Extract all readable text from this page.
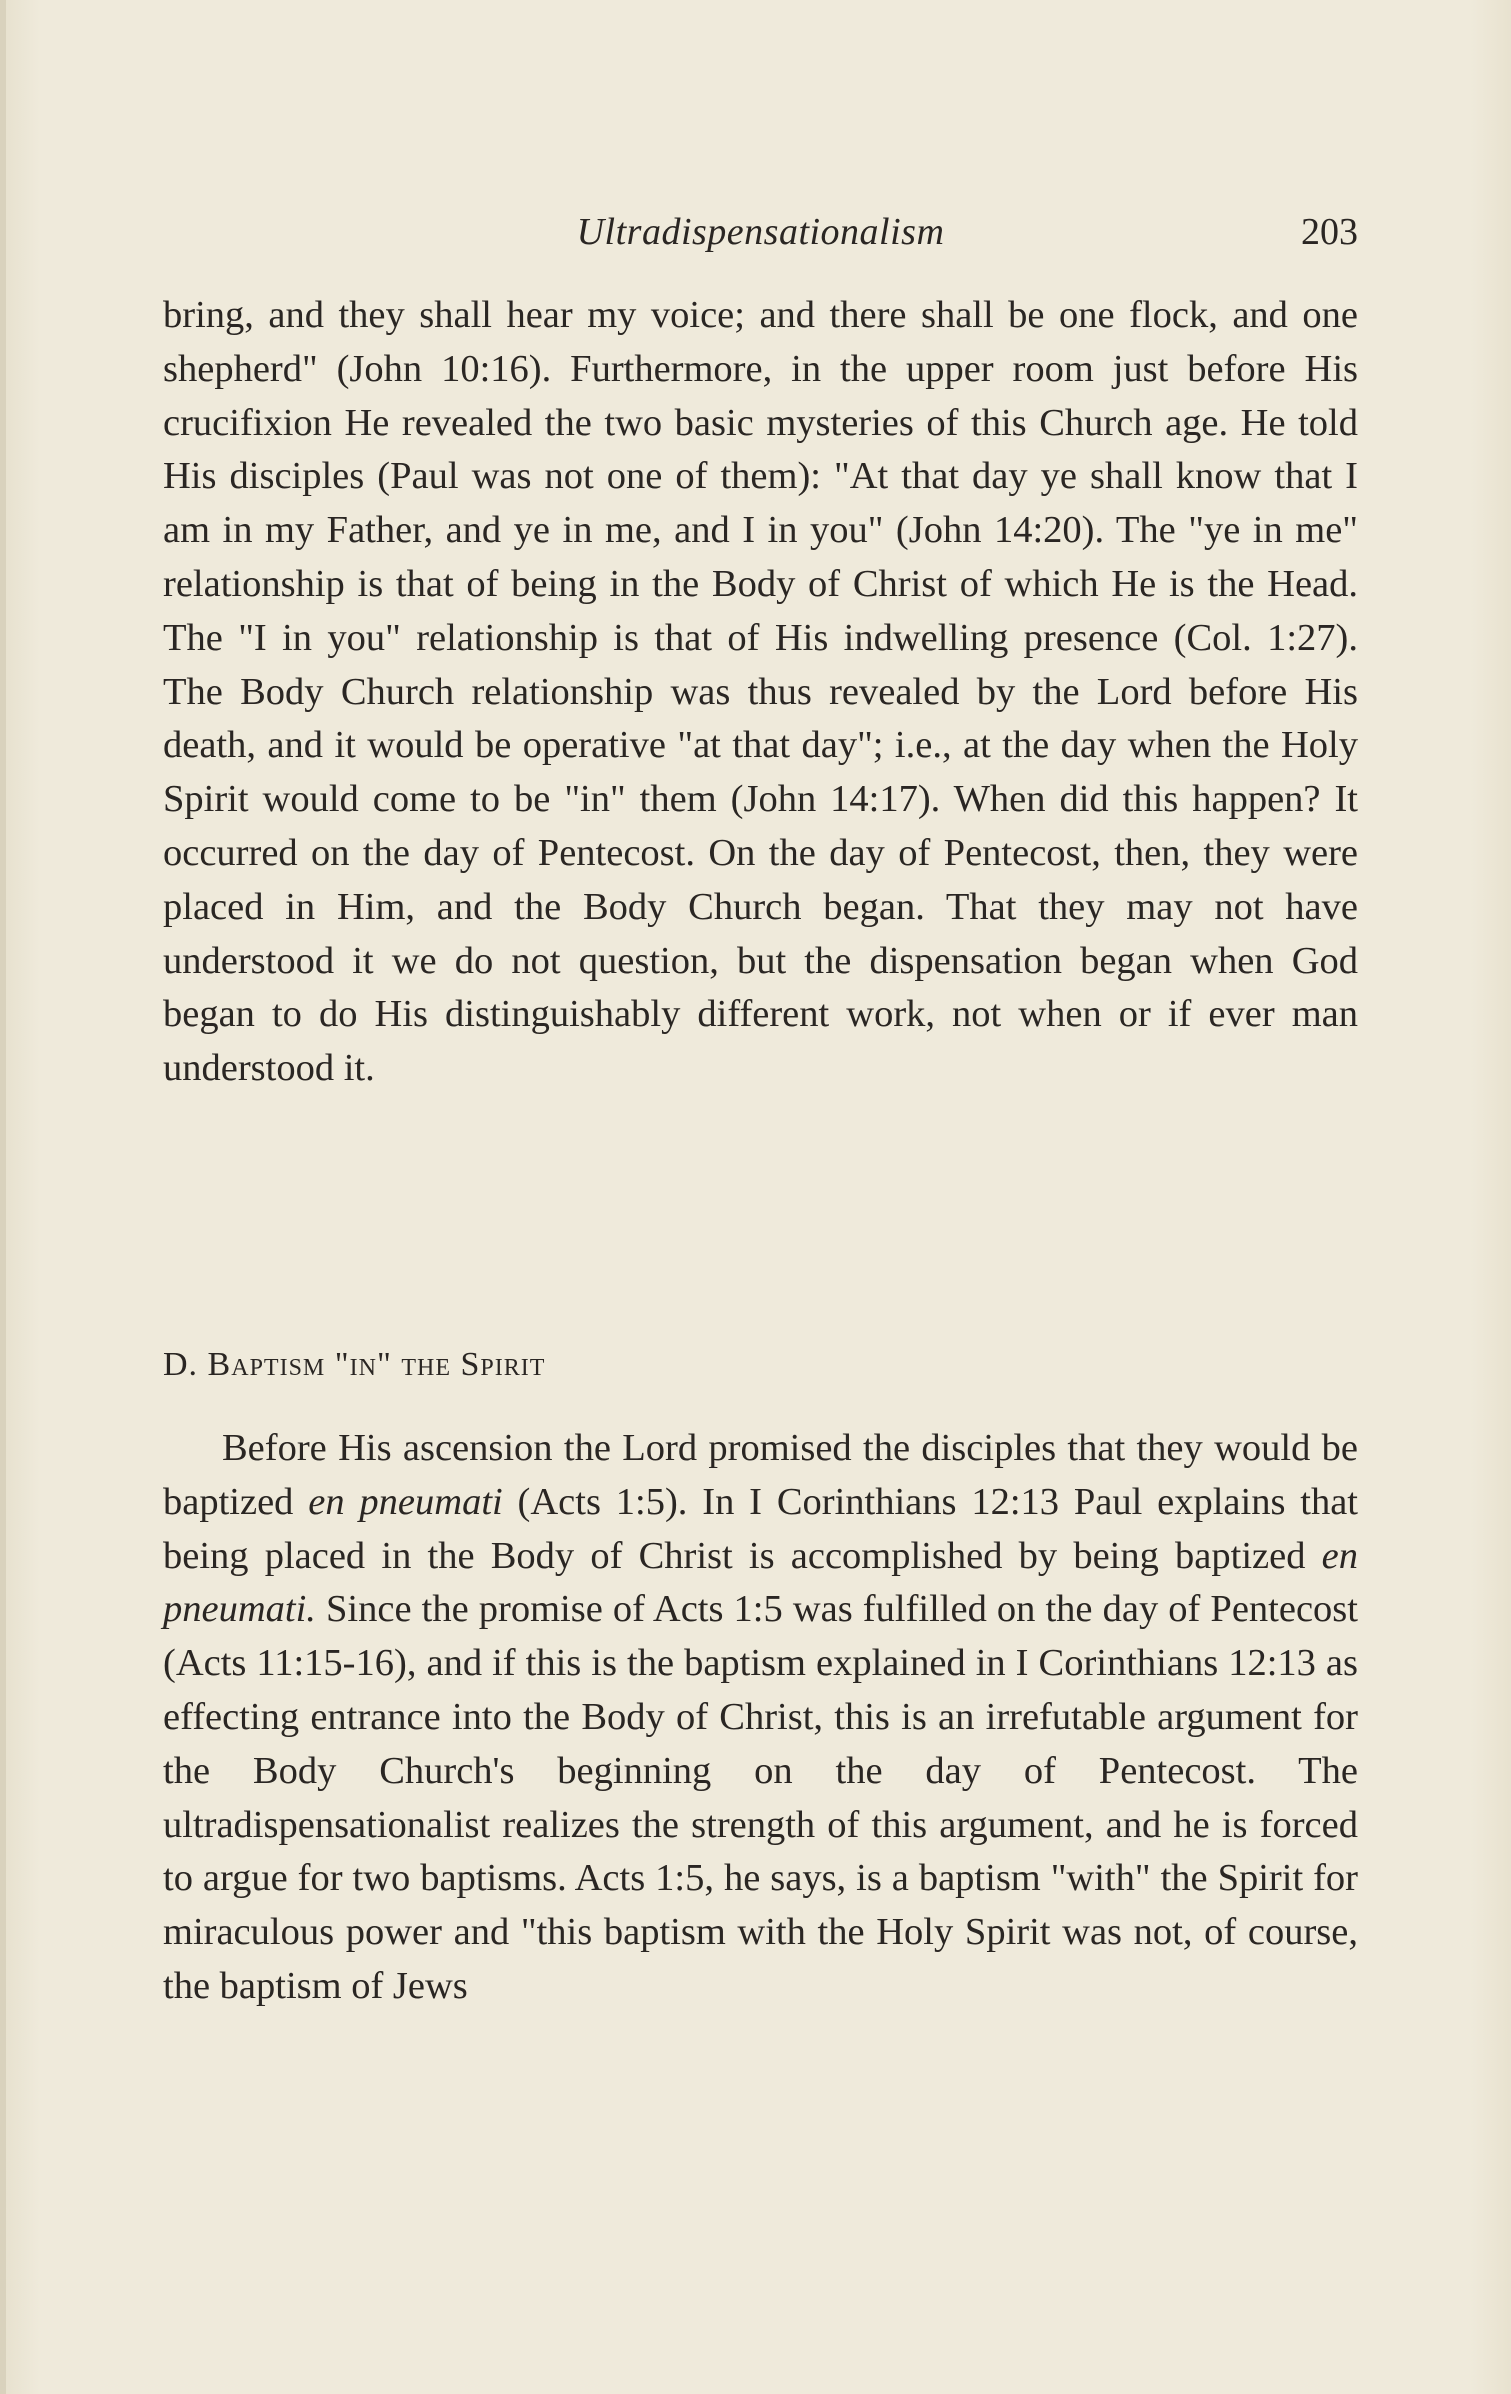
Ultradispensationalism	203

bring, and they shall hear my voice; and there shall be one flock, and one shepherd" (John 10:16). Furthermore, in the upper room just before His crucifixion He revealed the two basic mysteries of this Church age. He told His disciples (Paul was not one of them): "At that day ye shall know that I am in my Father, and ye in me, and I in you" (John 14:20). The "ye in me" relationship is that of being in the Body of Christ of which He is the Head. The "I in you" relationship is that of His indwelling presence (Col. 1:27). The Body Church relationship was thus revealed by the Lord before His death, and it would be operative "at that day"; i.e., at the day when the Holy Spirit would come to be "in" them (John 14:17). When did this happen? It occurred on the day of Pentecost. On the day of Pentecost, then, they were placed in Him, and the Body Church began. That they may not have understood it we do not question, but the dispensation began when God began to do His distinguishably different work, not when or if ever man understood it.

D. Baptism "in" the Spirit

Before His ascension the Lord promised the disciples that they would be baptized en pneumati (Acts 1:5). In I Corinthians 12:13 Paul explains that being placed in the Body of Christ is accomplished by being baptized en pneumati. Since the promise of Acts 1:5 was fulfilled on the day of Pentecost (Acts 11:15-16), and if this is the baptism explained in I Corinthians 12:13 as effecting entrance into the Body of Christ, this is an irrefutable argument for the Body Church's beginning on the day of Pentecost. The ultradispensationalist realizes the strength of this argument, and he is forced to argue for two baptisms. Acts 1:5, he says, is a baptism "with" the Spirit for miraculous power and "this baptism with the Holy Spirit was not, of course, the baptism of Jews
